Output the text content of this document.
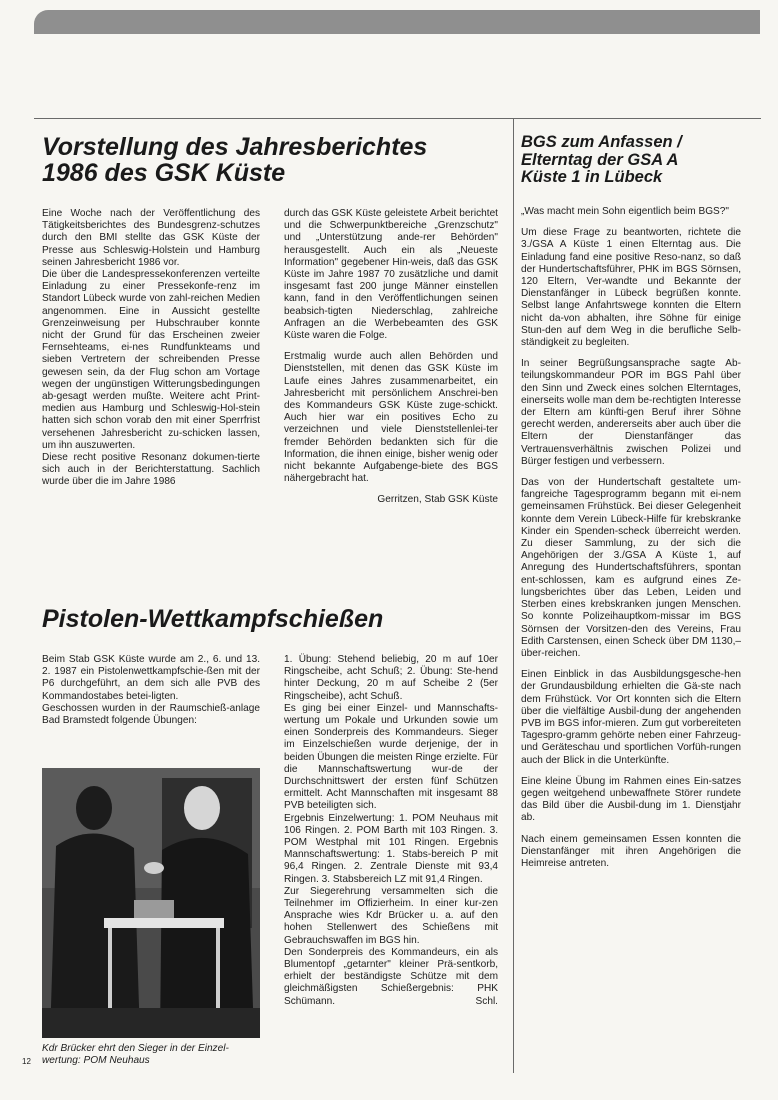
Vorstellung des Jahresberichtes
1986 des GSK Küste

Eine Woche nach der Veröffentlichung des Tätigkeitsberichtes des Bundesgrenz-schutzes durch den BMI stellte das GSK Küste der Presse aus Schleswig-Holstein und Hamburg seinen Jahresbericht 1986 vor.
Die über die Landespressekonferenzen verteilte Einladung zu einer Pressekonfe-renz im Standort Lübeck wurde von zahl-reichen Medien angenommen. Eine in Aussicht gestellte Grenzeinweisung per Hubschrauber konnte nicht der Grund für das Erscheinen zweier Fernsehteams, ei-nes Rundfunkteams und sieben Vertretern der schreibenden Presse gewesen sein, da der Flug schon am Vortage wegen der ungünstigen Witterungsbedingungen ab-gesagt werden mußte. Weitere acht Print-medien aus Hamburg und Schleswig-Hol-stein hatten sich schon vorab den mit einer Sperrfrist versehenen Jahresbericht zu-schicken lassen, um ihn auszuwerten.
Diese recht positive Resonanz dokumen-tierte sich auch in der Berichterstattung. Sachlich wurde über die im Jahre 1986

durch das GSK Küste geleistete Arbeit berichtet und die Schwerpunktbereiche „Grenzschutz" und „Unterstützung ande-rer Behörden" herausgestellt. Auch ein als „Neueste Information" gegebener Hin-weis, daß das GSK Küste im Jahre 1987 70 zusätzliche und damit insgesamt fast 200 junge Männer einstellen kann, fand in den Veröffentlichungen seinen beabsich-tigten Niederschlag, zahlreiche Anfragen an die Werbebeamten des GSK Küste waren die Folge.

Erstmalig wurde auch allen Behörden und Dienststellen, mit denen das GSK Küste im Laufe eines Jahres zusammenarbeitet, ein Jahresbericht mit persönlichem Anschrei-ben des Kommandeurs GSK Küste zuge-schickt. Auch hier war ein positives Echo zu verzeichnen und viele Dienststellenlei-ter fremder Behörden bedankten sich für die Information, die ihnen einige, bisher wenig oder nicht bekannte Aufgabenge-biete des BGS nähergebracht hat.

Gerritzen, Stab GSK Küste

Pistolen-Wettkampfschießen

Beim Stab GSK Küste wurde am 2., 6. und 13. 2. 1987 ein Pistolenwettkampfschie-ßen mit der P6 durchgeführt, an dem sich alle PVB des Kommandostabes betei-ligten.
Geschossen wurden in der Raumschieß-anlage Bad Bramstedt folgende Übungen:

Kdr Brücker ehrt den Sieger in der Einzel-wertung: POM Neuhaus
12

1. Übung: Stehend beliebig, 20 m auf 10er Ringscheibe, acht Schuß; 2. Übung: Ste-hend hinter Deckung, 20 m auf Scheibe 2 (5er Ringscheibe), acht Schuß.
Es ging bei einer Einzel- und Mannschafts-wertung um Pokale und Urkunden sowie um einen Sonderpreis des Kommandeurs. Sieger im Einzelschießen wurde derjenige, der in beiden Übungen die meisten Ringe erzielte. Für die Mannschaftswertung wur-de der Durchschnittswert der ersten fünf Schützen ermittelt. Acht Mannschaften mit insgesamt 88 PVB beteiligten sich.
Ergebnis Einzelwertung: 1. POM Neuhaus mit 106 Ringen. 2. POM Barth mit 103 Ringen. 3. POM Westphal mit 101 Ringen. Ergebnis Mannschaftswertung: 1. Stabs-bereich P mit 96,4 Ringen. 2. Zentrale Dienste mit 93,4 Ringen. 3. Stabsbereich LZ mit 91,4 Ringen.
Zur Siegerehrung versammelten sich die Teilnehmer im Offizierheim. In einer kur-zen Ansprache wies Kdr Brücker u. a. auf den hohen Stellenwert des Schießens mit Gebrauchswaffen im BGS hin.
Den Sonderpreis des Kommandeurs, ein als Blumentopf „getarnter" kleiner Prä-sentkorb, erhielt der beständigste Schütze mit dem gleichmäßigsten Schießergebnis: PHK Schümann.	Schl.

BGS zum Anfassen /
Elterntag der GSA A
Küste 1 in Lübeck

„Was macht mein Sohn eigentlich beim BGS?"

Um diese Frage zu beantworten, richtete die 3./GSA A Küste 1 einen Elterntag aus. Die Einladung fand eine positive Reso-nanz, so daß der Hundertschaftsführer, PHK im BGS Sörnsen, 120 Eltern, Ver-wandte und Bekannte der Dienstanfänger in Lübeck begrüßen konnte. Selbst lange Anfahrtswege konnten die Eltern nicht da-von abhalten, ihre Söhne für einige Stun-den auf dem Weg in die berufliche Selb-ständigkeit zu begleiten.

In seiner Begrüßungsansprache sagte Ab-teilungskommandeur POR im BGS Pahl über den Sinn und Zweck eines solchen Elterntages, einerseits wolle man dem be-rechtigten Interesse der Eltern am künfti-gen Beruf ihrer Söhne gerecht werden, andererseits aber auch über die Eltern der Dienstanfänger das Vertrauensverhältnis zwischen Polizei und Bürger festigen und verbessern.

Das von der Hundertschaft gestaltete um-fangreiche Tagesprogramm begann mit ei-nem gemeinsamen Frühstück. Bei dieser Gelegenheit konnte dem Verein Lübeck-Hilfe für krebskranke Kinder ein Spenden-scheck überreicht werden. Zu dieser Sammlung, zu der sich die Angehörigen der 3./GSA A Küste 1, auf Anregung des Hundertschaftsführers, spontan ent-schlossen, kam es aufgrund eines Ze-lungsberichtes über das Leben, Leiden und Sterben eines krebskranken jungen Menschen. So konnte Polizeihauptkom-missar im BGS Sörnsen der Vorsitzen-den des Vereins, Frau Edith Carstensen, einen Scheck über DM 1130,– über-reichen.

Einen Einblick in das Ausbildungsgesche-hen der Grundausbildung erhielten die Gä-ste nach dem Frühstück. Vor Ort konnten sich die Eltern über die vielfältige Ausbil-dung der angehenden PVB im BGS infor-mieren. Zum gut vorbereiteten Tagespro-gramm gehörte neben einer Fahrzeug-und Geräteschau und sportlichen Vorfüh-rungen auch der Blick in die Unterkünfte.

Eine kleine Übung im Rahmen eines Ein-satzes gegen weitgehend unbewaffnete Störer rundete das Bild über die Ausbil-dung im 1. Dienstjahr ab.

Nach einem gemeinsamen Essen konnten die Dienstanfänger mit ihren Angehörigen die Heimreise antreten.
